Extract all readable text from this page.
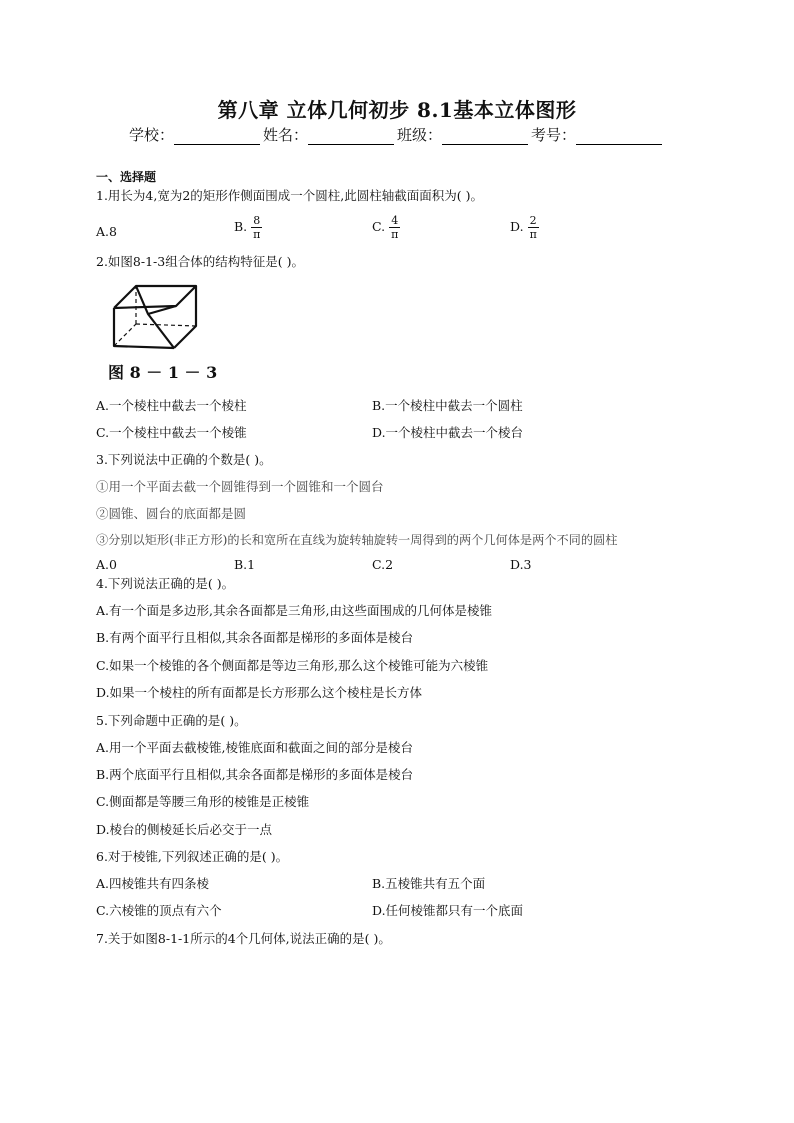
第八章 立体几何初步 8.1基本立体图形
学校：	姓名：	班级：	考号：
一、选择题
1.用长为4,宽为2的矩形作侧面围成一个圆柱,此圆柱轴截面面积为( )。
A.8	B. $\frac{8}{\pi}$	C. $\frac{4}{\pi}$	D. $\frac{2}{\pi}$
2.如图8-1-3组合体的结构特征是( )。
图 8 － 1 － 3
A.一个棱柱中截去一个棱柱	B.一个棱柱中截去一个圆柱
C.一个棱柱中截去一个棱锥	D.一个棱柱中截去一个棱台
3.下列说法中正确的个数是( )。
①用一个平面去截一个圆锥得到一个圆锥和一个圆台
②圆锥、圆台的底面都是圆
③分别以矩形(非正方形)的长和宽所在直线为旋转轴旋转一周得到的两个几何体是两个不同的圆柱
A.0	B.1	C.2	D.3
4.下列说法正确的是( )。
A.有一个面是多边形,其余各面都是三角形,由这些面围成的几何体是棱锥
B.有两个面平行且相似,其余各面都是梯形的多面体是棱台
C.如果一个棱锥的各个侧面都是等边三角形,那么这个棱锥可能为六棱锥
D.如果一个棱柱的所有面都是长方形那么这个棱柱是长方体
5.下列命题中正确的是( )。
A.用一个平面去截棱锥,棱锥底面和截面之间的部分是棱台
B.两个底面平行且相似,其余各面都是梯形的多面体是棱台
C.侧面都是等腰三角形的棱锥是正棱锥
D.棱台的侧棱延长后必交于一点
6.对于棱锥,下列叙述正确的是( )。
A.四棱锥共有四条棱	B.五棱锥共有五个面
C.六棱锥的顶点有六个	D.任何棱锥都只有一个底面
7.关于如图8-1-1所示的4个几何体,说法正确的是( )。
